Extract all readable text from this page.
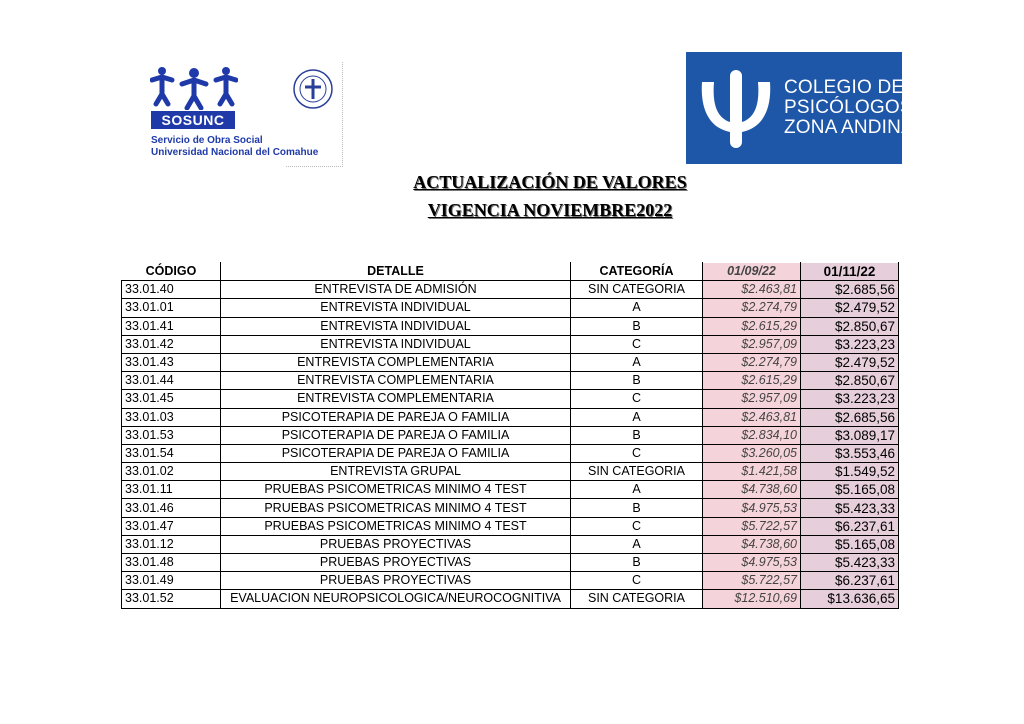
SOSUNC
Servicio de Obra Social
Universidad Nacional del Comahue
COLEGIO DE
PSICÓLOGOS
ZONA ANDINA
ACTUALIZACIÓN DE VALORES
VIGENCIA NOVIEMBRE2022
CÓDIGO	DETALLE	CATEGORÍA	01/09/22	01/11/22
33.01.40	ENTREVISTA DE ADMISIÓN	SIN CATEGORIA	$2.463,81	$2.685,56
33.01.01	ENTREVISTA INDIVIDUAL	A	$2.274,79	$2.479,52
33.01.41	ENTREVISTA INDIVIDUAL	B	$2.615,29	$2.850,67
33.01.42	ENTREVISTA INDIVIDUAL	C	$2.957,09	$3.223,23
33.01.43	ENTREVISTA COMPLEMENTARIA	A	$2.274,79	$2.479,52
33.01.44	ENTREVISTA COMPLEMENTARIA	B	$2.615,29	$2.850,67
33.01.45	ENTREVISTA COMPLEMENTARIA	C	$2.957,09	$3.223,23
33.01.03	PSICOTERAPIA DE PAREJA O FAMILIA	A	$2.463,81	$2.685,56
33.01.53	PSICOTERAPIA DE PAREJA O FAMILIA	B	$2.834,10	$3.089,17
33.01.54	PSICOTERAPIA DE PAREJA O FAMILIA	C	$3.260,05	$3.553,46
33.01.02	ENTREVISTA GRUPAL	SIN CATEGORIA	$1.421,58	$1.549,52
33.01.11	PRUEBAS PSICOMETRICAS MINIMO 4 TEST	A	$4.738,60	$5.165,08
33.01.46	PRUEBAS PSICOMETRICAS MINIMO 4 TEST	B	$4.975,53	$5.423,33
33.01.47	PRUEBAS PSICOMETRICAS MINIMO 4 TEST	C	$5.722,57	$6.237,61
33.01.12	PRUEBAS PROYECTIVAS	A	$4.738,60	$5.165,08
33.01.48	PRUEBAS PROYECTIVAS	B	$4.975,53	$5.423,33
33.01.49	PRUEBAS PROYECTIVAS	C	$5.722,57	$6.237,61
33.01.52	EVALUACION NEUROPSICOLOGICA/NEUROCOGNITIVA	SIN CATEGORIA	$12.510,69	$13.636,65
